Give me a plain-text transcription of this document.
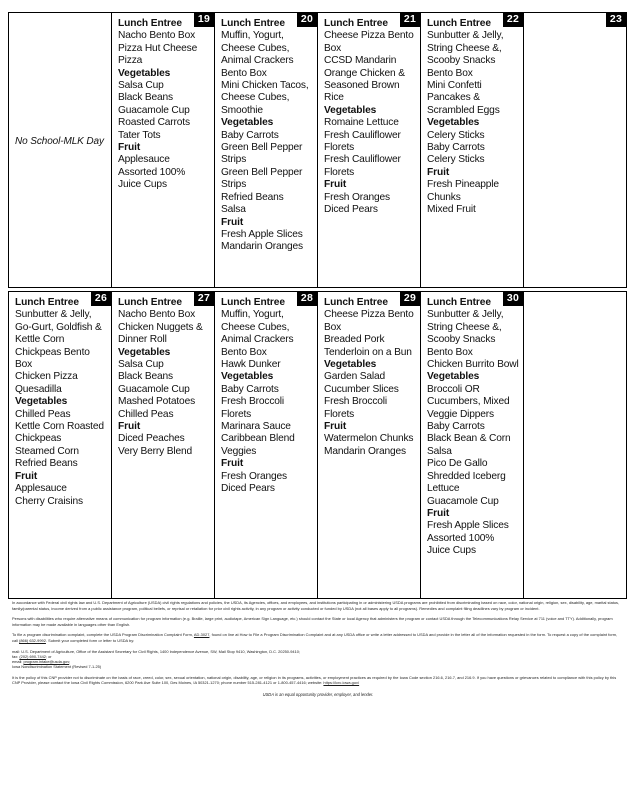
No School-MLK Day
19
Lunch Entree
Nacho Bento Box
Pizza Hut Cheese Pizza
Vegetables
Salsa Cup
Black Beans
Guacamole Cup
Roasted Carrots
Tater Tots
Fruit
Applesauce
Assorted 100% Juice Cups
20
Lunch Entree
Muffin, Yogurt, Cheese Cubes, Animal Crackers Bento Box
Mini Chicken Tacos, Cheese Cubes, Smoothie
Vegetables
Baby Carrots
Green Bell Pepper Strips
Green Bell Pepper Strips
Refried Beans
Salsa
Fruit
Fresh Apple Slices
Mandarin Oranges
21
Lunch Entree
Cheese Pizza Bento Box
CCSD Mandarin Orange Chicken & Seasoned Brown Rice
Vegetables
Romaine Lettuce
Fresh Cauliflower Florets
Fresh Cauliflower Florets
Fruit
Fresh Oranges
Diced Pears
22
Lunch Entree
Sunbutter & Jelly, String Cheese &, Scooby Snacks Bento Box
Mini Confetti Pancakes & Scrambled Eggs
Vegetables
Celery Sticks
Baby Carrots
Celery Sticks
Fruit
Fresh Pineapple Chunks
Mixed Fruit
23
26
Lunch Entree
Sunbutter & Jelly, Go-Gurt, Goldfish & Kettle Corn Chickpeas Bento Box
Chicken Pizza Quesadilla
Vegetables
Chilled Peas
Kettle Corn Roasted Chickpeas
Steamed Corn
Refried Beans
Fruit
Applesauce
Cherry Craisins
27
Lunch Entree
Nacho Bento Box
Chicken Nuggets & Dinner Roll
Vegetables
Salsa Cup
Black Beans
Guacamole Cup
Mashed Potatoes
Chilled Peas
Fruit
Diced Peaches
Very Berry Blend
28
Lunch Entree
Muffin, Yogurt, Cheese Cubes, Animal Crackers Bento Box
Hawk Dunker
Vegetables
Baby Carrots
Fresh Broccoli Florets
Marinara Sauce
Caribbean Blend Veggies
Fruit
Fresh Oranges
Diced Pears
29
Lunch Entree
Cheese Pizza Bento Box
Breaded Pork Tenderloin on a Bun
Vegetables
Garden Salad
Cucumber Slices
Fresh Broccoli Florets
Fruit
Watermelon Chunks
Mandarin Oranges
30
Lunch Entree
Sunbutter & Jelly, String Cheese &, Scooby Snacks Bento Box
Chicken Burrito Bowl
Vegetables
Broccoli OR Cucumbers, Mixed Veggie Dippers
Baby Carrots
Black Bean & Corn Salsa
Pico De Gallo
Shredded Iceberg Lettuce
Guacamole Cup
Fruit
Fresh Apple Slices
Assorted 100% Juice Cups

In accordance with Federal civil rights law and U.S. Department of Agriculture (USDA) civil rights regulations and policies, the USDA, its Agencies, offices, and employees, and institutions participating in or administering USDA programs are prohibited from discriminating based on race, color, national origin, religion, sex, disability, age, marital status, family/parental status, income derived from a public assistance program, political beliefs, or reprisal or retaliation for prior civil rights activity, in any program or activity conducted or funded by USDA (not all bases apply to all programs). Remedies and complaint filing deadlines vary by program or incident.

Persons with disabilities who require alternative means of communication for program information (e.g. Braille, large print, audiotape, American Sign Language, etc.) should contact the State or local Agency that administers the program or contact USDA through the Telecommunications Relay Service at 711 (voice and TTY). Additionally, program information may be made available in languages other than English.

To file a program discrimination complaint, complete the USDA Program Discrimination Complaint Form, AD-3027, found on line at How to File a Program Discrimination Complaint and at any USDA office or write a letter addressed to USDA and provide in the letter all of the information requested in the form. To request a copy of the complaint form, call (866) 632-9992. Submit your completed form or letter to USDA by:

mail: U.S. Department of Agriculture, Office of the Assistant Secretary for Civil Rights, 1400 Independence Avenue, SW, Mail Stop 9410, Washington, D.C. 20250-9410;
fax: (202) 690-7442; or
email: program.intake@usda.gov;
Iowa Nondiscrimination Statement (Revised 7-1-25)

It is the policy of this CNP provider not to discriminate on the basis of race, creed, color, sex, sexual orientation, national origin, disability, age, or religion in its programs, activities, or employment practices as required by the Iowa Code section 216.6, 216.7, and 216.9. If you have questions or grievances related to compliance with this policy by this CNP Provider, please contact the Iowa Civil Rights Commission, 6200 Park Ave Suite 100, Des Moines, IA 50321-1270; phone number 515-281-4121 or 1-800-457-4416; website: https://icrc.iowa.gov/

USDA is an equal opportunity provider, employer, and lender.
